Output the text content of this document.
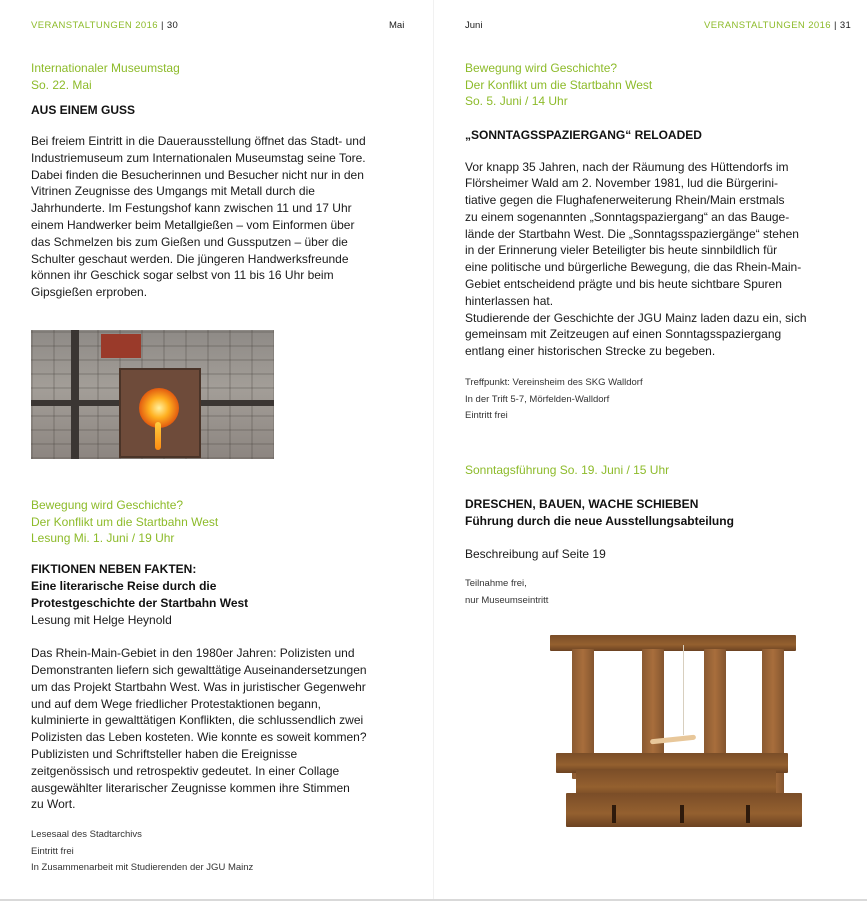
VERANSTALTUNGEN 2016 | 30	Mai
Internationaler Museumstag
So. 22. Mai
AUS EINEM GUSS
Bei freiem Eintritt in die Dauerausstellung öffnet das Stadt- und
Industriemuseum zum Internationalen Museumstag seine Tore.
Dabei finden die Besucherinnen und Besucher nicht nur in den
Vitrinen Zeugnisse des Umgangs mit Metall durch die
Jahrhunderte. Im Festungshof kann zwischen 11 und 17 Uhr
einem Handwerker beim Metallgießen – vom Einformen über
das Schmelzen bis zum Gießen und Gussputzen – über die
Schulter geschaut werden. Die jüngeren Handwerksfreunde
können ihr Geschick sogar selbst von 11 bis 16 Uhr beim
Gipsgießen erproben.
Bewegung wird Geschichte?
Der Konflikt um die Startbahn West
Lesung Mi. 1. Juni / 19 Uhr
FIKTIONEN NEBEN FAKTEN:
Eine literarische Reise durch die
Protestgeschichte der Startbahn West
Lesung mit Helge Heynold
Das Rhein-Main-Gebiet in den 1980er Jahren: Polizisten und
Demonstranten liefern sich gewalttätige Auseinandersetzungen
um das Projekt Startbahn West. Was in juristischer Gegenwehr
und auf dem Wege friedlicher Protestaktionen begann,
kulminierte in gewalttätigen Konflikten, die schlussendlich zwei
Polizisten das Leben kosteten. Wie konnte es soweit kommen?
Publizisten und Schriftsteller haben die Ereignisse
zeitgenössisch und retrospektiv gedeutet. In einer Collage
ausgewählter literarischer Zeugnisse kommen ihre Stimmen
zu Wort.
Lesesaal des Stadtarchivs
Eintritt frei
In Zusammenarbeit mit Studierenden der JGU Mainz
Juni	VERANSTALTUNGEN 2016 | 31
Bewegung wird Geschichte?
Der Konflikt um die Startbahn West
So. 5. Juni / 14 Uhr
„SONNTAGSSPAZIERGANG“ RELOADED
Vor knapp 35 Jahren, nach der Räumung des Hüttendorfs im
Flörsheimer Wald am 2. November 1981, lud die Bürgerini-
tiative gegen die Flughafenerweiterung Rhein/Main erstmals
zu einem sogenannten „Sonntagspaziergang“ an das Bauge-
lände der Startbahn West. Die „Sonntagsspaziergänge“ stehen
in der Erinnerung vieler Beteiligter bis heute sinnbildlich für
eine politische und bürgerliche Bewegung, die das Rhein-Main-
Gebiet entscheidend prägte und bis heute sichtbare Spuren
hinterlassen hat.
Studierende der Geschichte der JGU Mainz laden dazu ein, sich
gemeinsam mit Zeitzeugen auf einen Sonntagsspaziergang
entlang einer historischen Strecke zu begeben.
Treffpunkt: Vereinsheim des SKG Walldorf
In der Trift 5-7, Mörfelden-Walldorf
Eintritt frei
Sonntagsführung So. 19. Juni / 15 Uhr
DRESCHEN, BAUEN, WACHE SCHIEBEN
Führung durch die neue Ausstellungsabteilung
Beschreibung auf Seite 19
Teilnahme frei,
nur Museumseintritt
